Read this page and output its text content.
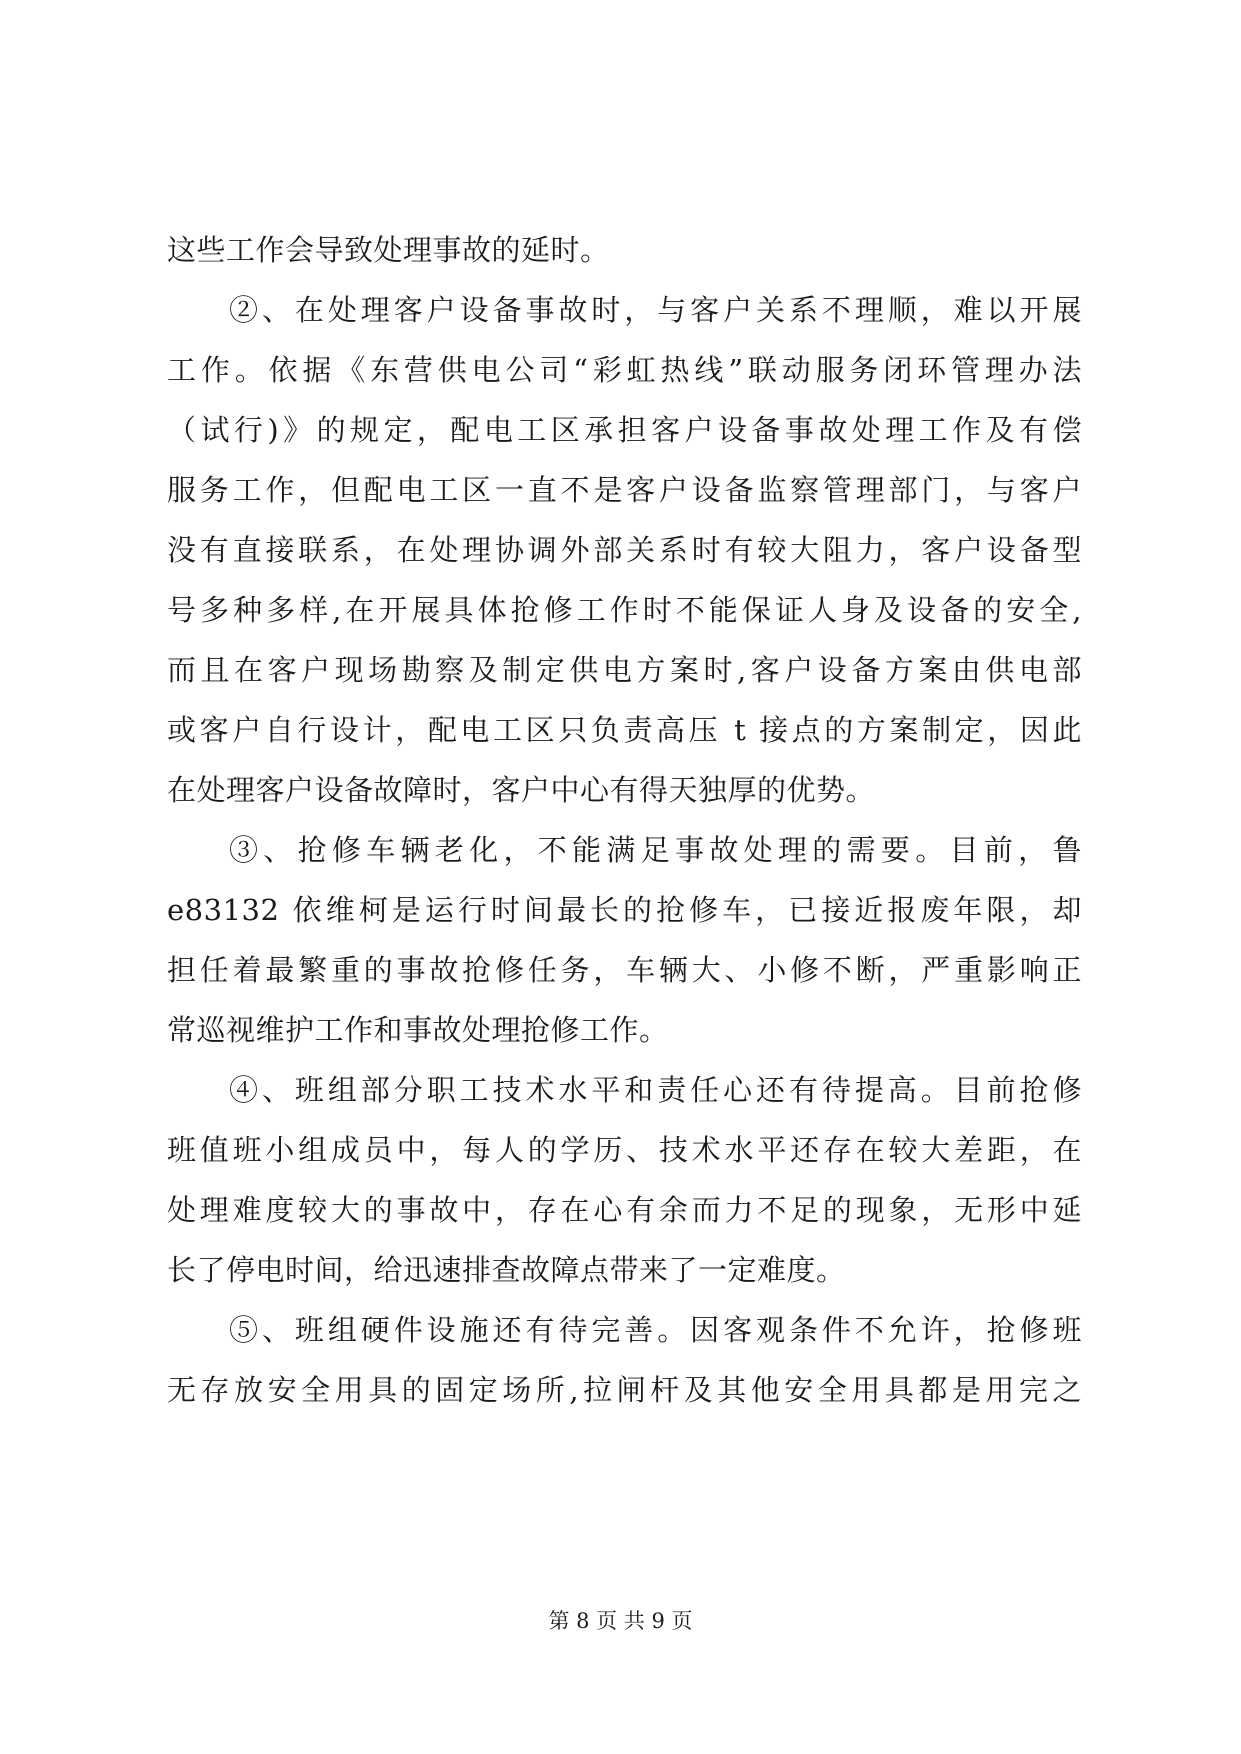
这些工作会导致处理事故的延时。
②、在处理客户设备事故时，与客户关系不理顺，难以开展
工作。依据《东营供电公司“彩虹热线”联动服务闭环管理办法
（试行)》的规定，配电工区承担客户设备事故处理工作及有偿
服务工作，但配电工区一直不是客户设备监察管理部门，与客户
没有直接联系，在处理协调外部关系时有较大阻力，客户设备型
号多种多样,在开展具体抢修工作时不能保证人身及设备的安全,
而且在客户现场勘察及制定供电方案时,客户设备方案由供电部
或客户自行设计，配电工区只负责高压 t 接点的方案制定，因此
在处理客户设备故障时，客户中心有得天独厚的优势。
③、抢修车辆老化，不能满足事故处理的需要。目前，鲁
e83132 依维柯是运行时间最长的抢修车，已接近报废年限，却
担任着最繁重的事故抢修任务，车辆大、小修不断，严重影响正
常巡视维护工作和事故处理抢修工作。
④、班组部分职工技术水平和责任心还有待提高。目前抢修
班值班小组成员中，每人的学历、技术水平还存在较大差距，在
处理难度较大的事故中，存在心有余而力不足的现象，无形中延
长了停电时间，给迅速排查故障点带来了一定难度。
⑤、班组硬件设施还有待完善。因客观条件不允许，抢修班
无存放安全用具的固定场所,拉闸杆及其他安全用具都是用完之
第 8 页 共 9 页
